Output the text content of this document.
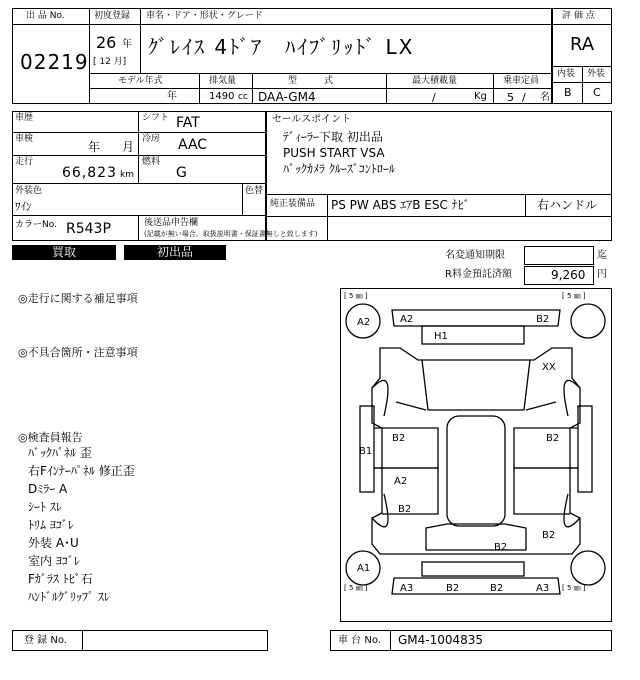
出 品 No.
02219
初度登録 車名・ドア・形状・グレード
26 年
[ 12 月]
ｸﾞﾚｲｽ 4ﾄﾞｱ　ﾊｲﾌﾞﾘｯﾄﾞ LX
評 価 点
RA
内装 外装
B C
モデル年式	排気量	型　　　式	最大積載量	乗車定員
年	1490 cc DAA-GM4	/	Kg 5 / 名
車歴	シフト FAT
車検
年 月
冷房 AAC
走行
66,823 km
燃料
G
外装色
ﾜｲﾝ
色替
カラーNo. R543P	後送品申告欄
(記載が無い場合、取扱説明書・保証書無しと致します)
セールスポイント
ﾃﾞｨｰﾗｰ下取 初出品
PUSH START VSA
ﾊﾞｯｸｶﾒﾗ ｸﾙｰｽﾞｺﾝﾄﾛｰﾙ
純正装備品 PS PW ABS ｴｱB ESC ﾅﾋﾞ	右ハンドル
買取	初出品	名変通知期限	迄
R料金預託済額	9,260 円
◎走行に関する補足事項
◎不具合箇所・注意事項
◎検査員報告
ﾊﾞｯｸﾊﾟﾈﾙ 歪
右Fｲﾝﾅｰﾊﾟﾈﾙ 修正歪
Dﾐﾗｰ A
ｼｰﾄ ｽﾚ
ﾄﾘﾑ ﾖｺﾞﾚ
外装 A･U
室内 ﾖｺﾞﾚ
Fｶﾞﾗｽ ﾄﾋﾞ石
ﾊﾝﾄﾞﾙｸﾞﾘｯﾌﾟ ｽﾚ
[ 5 ㎜ ]	[ 5 ㎜ ]
[ 5 ㎜ ]	[ 5 ㎜ ]
A2	A2	B2
H1
XX
B1
B2	B2
A2
B2
B2
B2
A1
A3	B2	B2	A3
登 録 No.	車 台 No. GM4-1004835
